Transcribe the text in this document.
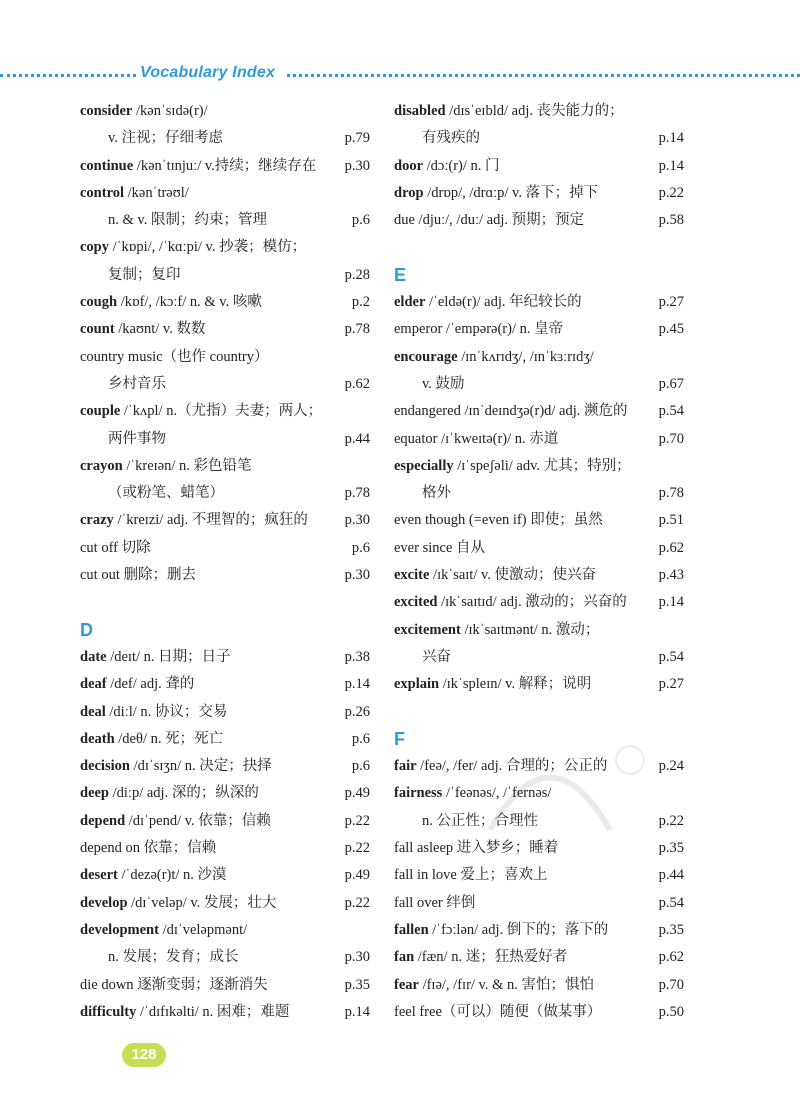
Vocabulary Index
consider /kənˈsɪdə(r)/
v. 注视；仔细考虑	p.79
continue /kənˈtɪnjuː/ v.持续；继续存在 p.30
control /kənˈtrəʊl/
n. & v. 限制；约束；管理	p.6
copy /ˈkɒpi/, /ˈkɑːpi/ v. 抄袭；模仿；
复制；复印	p.28
cough /kɒf/, /kɔːf/ n. & v. 咳嗽	p.2
count /kaʊnt/ v. 数数	p.78
country music（也作 country）
乡村音乐	p.62
couple /ˈkʌpl/ n.（尤指）夫妻；两人；
两件事物	p.44
crayon /ˈkreɪən/ n. 彩色铅笔
（或粉笔、蜡笔）	p.78
crazy /ˈkreɪzi/ adj. 不理智的；疯狂的	p.30
cut off 切除	p.6
cut out 删除；删去	p.30
D
date /deɪt/ n. 日期；日子	p.38
deaf /def/ adj. 聋的	p.14
deal /diːl/ n. 协议；交易	p.26
death /deθ/ n. 死；死亡	p.6
decision /dɪˈsɪʒn/ n. 决定；抉择	p.6
deep /diːp/ adj. 深的；纵深的	p.49
depend /dɪˈpend/ v. 依靠；信赖	p.22
depend on 依靠；信赖	p.22
desert /ˈdezə(r)t/ n. 沙漠	p.49
develop /dɪˈveləp/ v. 发展；壮大	p.22
development /dɪˈveləpmənt/
n. 发展；发育；成长	p.30
die down 逐渐变弱；逐渐消失	p.35
difficulty /ˈdɪfɪkəlti/ n. 困难；难题	p.14
disabled /dɪsˈeɪbld/ adj. 丧失能力的；
有残疾的	p.14
door /dɔː(r)/ n. 门	p.14
drop /drɒp/, /drɑːp/ v. 落下；掉下	p.22
due /djuː/, /duː/ adj. 预期；预定	p.58
E
elder /ˈeldə(r)/ adj. 年纪较长的	p.27
emperor /ˈempərə(r)/ n. 皇帝	p.45
encourage /ɪnˈkʌrɪdʒ/, /ɪnˈkɜːrɪdʒ/
v. 鼓励	p.67
endangered /ɪnˈdeɪndʒə(r)d/ adj. 濒危的 p.54
equator /ɪˈkweɪtə(r)/ n. 赤道	p.70
especially /ɪˈspeʃəli/ adv. 尤其；特别；
格外	p.78
even though (=even if) 即使；虽然	p.51
ever since 自从	p.62
excite /ɪkˈsaɪt/ v. 使激动；使兴奋	p.43
excited /ɪkˈsaɪtɪd/ adj. 激动的；兴奋的 p.14
excitement /ɪkˈsaɪtmənt/ n. 激动；
兴奋	p.54
explain /ɪkˈspleɪn/ v. 解释；说明	p.27
F
fair /feə/, /fer/ adj. 合理的；公正的	p.24
fairness /ˈfeənəs/, /ˈfernəs/
n. 公正性；合理性	p.22
fall asleep 进入梦乡；睡着	p.35
fall in love 爱上；喜欢上	p.44
fall over 绊倒	p.54
fallen /ˈfɔːlən/ adj. 倒下的；落下的	p.35
fan /fæn/ n. 迷；狂热爱好者	p.62
fear /fɪə/, /fɪr/ v. & n. 害怕；惧怕	p.70
feel free（可以）随便（做某事）	p.50
128
